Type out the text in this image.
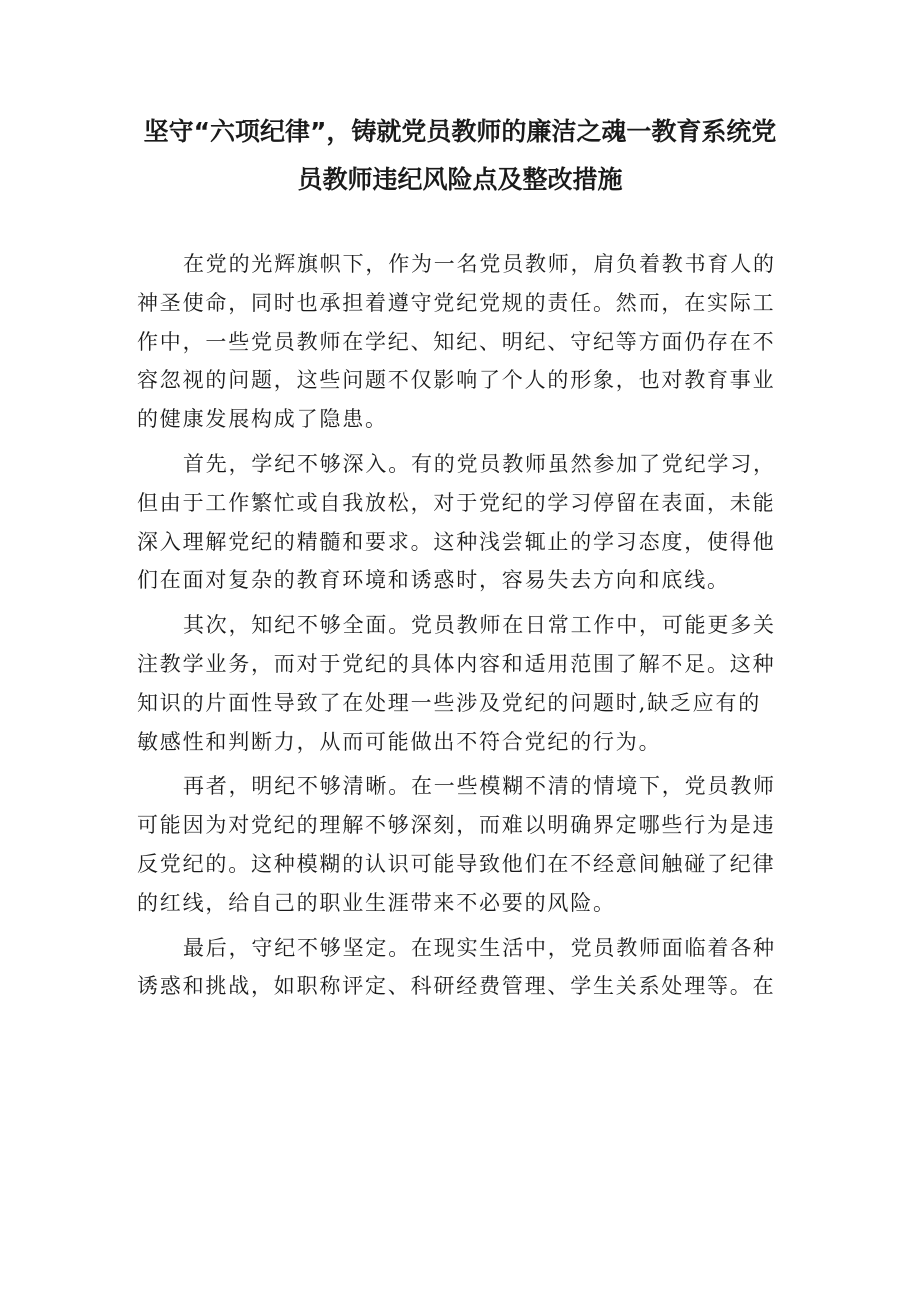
坚守“六项纪律”，铸就党员教师的廉洁之魂一教育系统党
员教师违纪风险点及整改措施

在党的光辉旗帜下，作为一名党员教师，肩负着教书育人的
神圣使命，同时也承担着遵守党纪党规的责任。然而，在实际工
作中，一些党员教师在学纪、知纪、明纪、守纪等方面仍存在不
容忽视的问题，这些问题不仅影响了个人的形象，也对教育事业
的健康发展构成了隐患。

首先，学纪不够深入。有的党员教师虽然参加了党纪学习，
但由于工作繁忙或自我放松，对于党纪的学习停留在表面，未能
深入理解党纪的精髓和要求。这种浅尝辄止的学习态度，使得他
们在面对复杂的教育环境和诱惑时，容易失去方向和底线。

其次，知纪不够全面。党员教师在日常工作中，可能更多关
注教学业务，而对于党纪的具体内容和适用范围了解不足。这种
知识的片面性导致了在处理一些涉及党纪的问题时,缺乏应有的
敏感性和判断力，从而可能做出不符合党纪的行为。

再者，明纪不够清晰。在一些模糊不清的情境下，党员教师
可能因为对党纪的理解不够深刻，而难以明确界定哪些行为是违
反党纪的。这种模糊的认识可能导致他们在不经意间触碰了纪律
的红线，给自己的职业生涯带来不必要的风险。

最后，守纪不够坚定。在现实生活中，党员教师面临着各种
诱惑和挑战，如职称评定、科研经费管理、学生关系处理等。在
